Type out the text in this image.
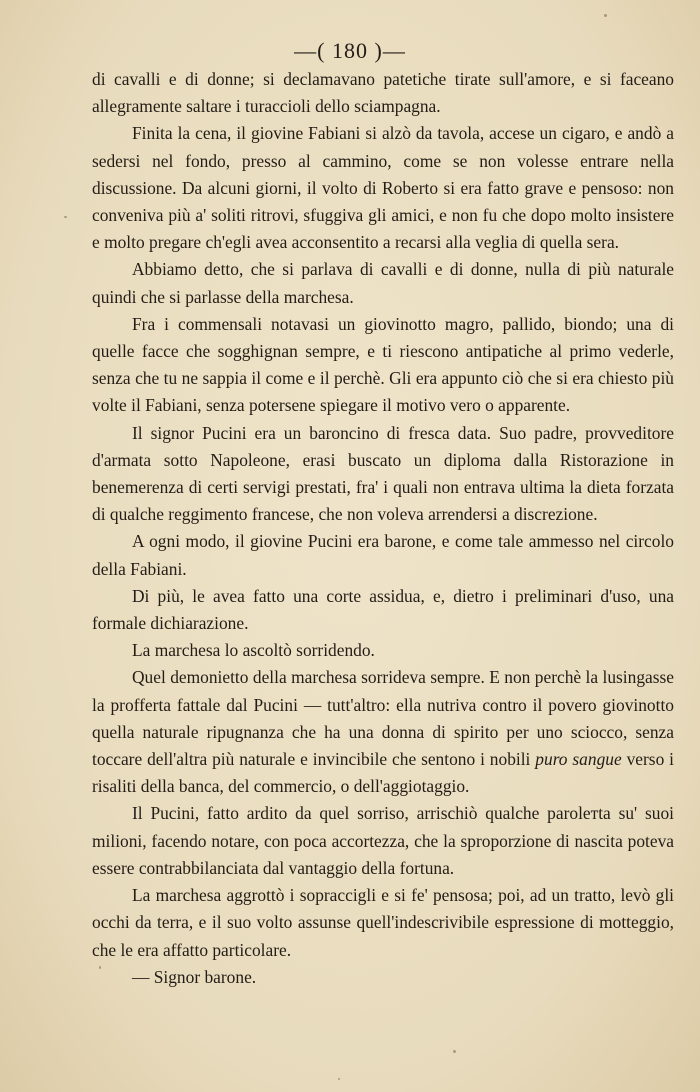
—( 180 )—

di cavalli e di donne; si declamavano patetiche tirate sull'amore, e si faceano allegramente saltare i turaccioli dello sciampagna.

Finita la cena, il giovine Fabiani si alzò da tavola, accese un cigaro, e andò a sedersi nel fondo, presso al cammino, come se non volesse entrare nella discussione. Da alcuni giorni, il volto di Roberto si era fatto grave e pensoso: non conveniva più a' soliti ritrovi, sfuggiva gli amici, e non fu che dopo molto insistere e molto pregare ch'egli avea acconsentito a recarsi alla veglia di quella sera.

Abbiamo detto, che si parlava di cavalli e di donne, nulla di più naturale quindi che si parlasse della marchesa.

Fra i commensali notavasi un giovinotto magro, pallido, biondo; una di quelle facce che sogghignan sempre, e ti riescono antipatiche al primo vederle, senza che tu ne sappia il come e il perchè. Gli era appunto ciò che si era chiesto più volte il Fabiani, senza potersene spiegare il motivo vero o apparente.

Il signor Pucini era un baroncino di fresca data. Suo padre, provveditore d'armata sotto Napoleone, erasi buscato un diploma dalla Ristorazione in benemerenza di certi servigi prestati, fra' i quali non entrava ultima la dieta forzata di qualche reggimento francese, che non voleva arrendersi a discrezione.

A ogni modo, il giovine Pucini era barone, e come tale ammesso nel circolo della Fabiani.

Di più, le avea fatto una corte assidua, e, dietro i preliminari d'uso, una formale dichiarazione.

La marchesa lo ascoltò sorridendo.

Quel demonietto della marchesa sorrideva sempre. E non perchè la lusingasse la profferta fattale dal Pucini — tutt'altro: ella nutriva contro il povero giovinotto quella naturale ripugnanza che ha una donna di spirito per uno sciocco, senza toccare dell'altra più naturale e invincibile che sentono i nobili puro sangue verso i risaliti della banca, del commercio, o dell'aggiotaggio.

Il Pucini, fatto ardito da quel sorriso, arrischiò qualche parolетta su' suoi milioni, facendo notare, con poca accortezza, che la sproporzione di nascita poteva essere contrabbilanciata dal vantaggio della fortuna.

La marchesa aggrottò i sopraccigli e si fe' pensosa; poi, ad un tratto, levò gli occhi da terra, e il suo volto assunse quell'indescrivibile espressione di motteggio, che le era affatto particolare.

— Signor barone.
